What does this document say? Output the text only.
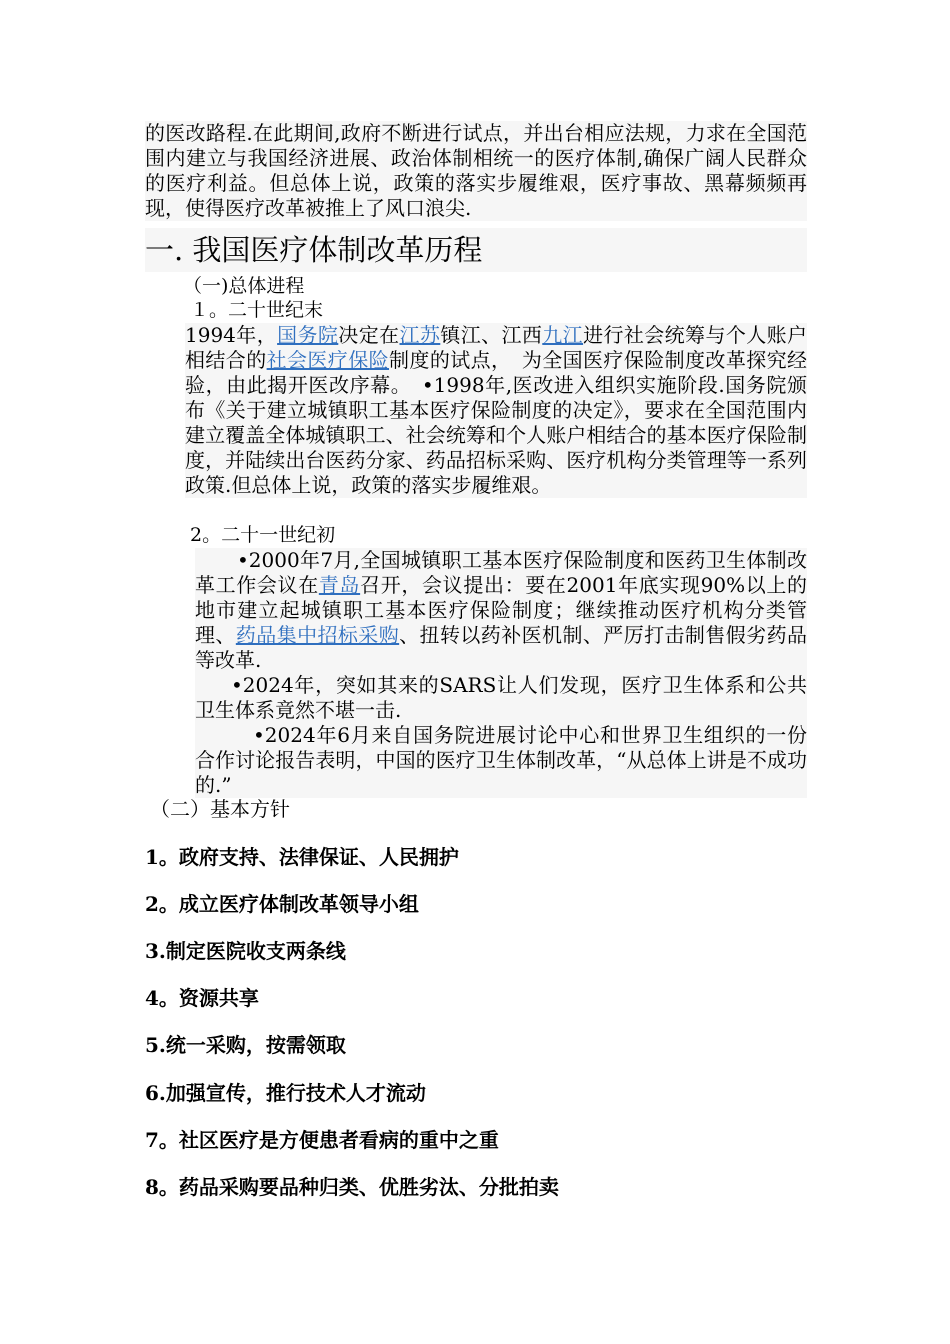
的医改路程.在此期间,政府不断进行试点，并出台相应法规，力求在全国范围内建立与我国经济进展、政治体制相统一的医疗体制,确保广阔人民群众的医疗利益。但总体上说，政策的落实步履维艰，医疗事故、黑幕频频再现，使得医疗改革被推上了风口浪尖.

一. 我国医疗体制改革历程

（一)总体进程

１。二十世纪末

1994年，国务院决定在江苏镇江、江西九江进行社会统筹与个人账户相结合的社会医疗保险制度的试点，　为全国医疗保险制度改革探究经验，由此揭开医改序幕。　•1998年,医改进入组织实施阶段.国务院颁布《关于建立城镇职工基本医疗保险制度的决定》，要求在全国范围内建立覆盖全体城镇职工、社会统筹和个人账户相结合的基本医疗保险制度，并陆续出台医药分家、药品招标采购、医疗机构分类管理等一系列政策.但总体上说，政策的落实步履维艰。

2。二十一世纪初

•2000年7月,全国城镇职工基本医疗保险制度和医药卫生体制改革工作会议在青岛召开，会议提出：要在2001年底实现90%以上的地市建立起城镇职工基本医疗保险制度；继续推动医疗机构分类管理、药品集中招标采购、扭转以药补医机制、严厉打击制售假劣药品等改革.
•2024年，突如其来的SARS让人们发现，医疗卫生体系和公共卫生体系竟然不堪一击.
•2024年6月来自国务院进展讨论中心和世界卫生组织的一份合作讨论报告表明，中国的医疗卫生体制改革，“从总体上讲是不成功的.”

（二）基本方针

1。政府支持、法律保证、人民拥护

2。成立医疗体制改革领导小组

3.制定医院收支两条线

4。资源共享

5.统一采购，按需领取

6.加强宣传，推行技术人才流动

7。社区医疗是方便患者看病的重中之重

8。药品采购要品种归类、优胜劣汰、分批拍卖
